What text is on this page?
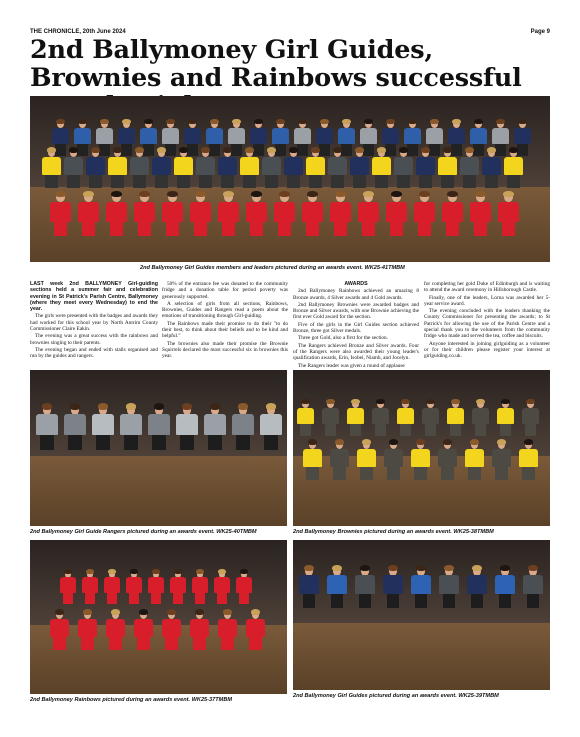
THE CHRONICLE, 20th June 2024	Page 9
2nd Ballymoney Girl Guides, Brownies and Rainbows successful
2nd Ballymoney Girl Guides members and leaders pictured during an awards event. WK25-41TMBM

LAST week 2nd BALLYMONEY Girl-guiding sections held a summer fair and celebration evening in St Patrick's Parish Centre, Ballymoney (where they meet every Wednesday) to end the year.

The girls were presented with the badges and awards they had worked for this school year by North Antrim County Commissioner Claire Eakin.

The evening was a great success with the rainbows and brownies singing to their parents.

The evening began and ended with stalls organised and run by the guides and rangers.

50% of the entrance fee was donated to the community fridge and a donation table for period poverty was generously supported.

A selection of girls from all sections, Rainbows, Brownies, Guides and Rangers read a poem about the emotions of transitioning through Girl-guiding.

The Rainbows made their promise to do their "to do their best, to think about their beliefs and to be kind and helpful."

The brownies also made their promise the Brownie Squirrels declared the most successful six in brownies this year.

AWARDS

2nd Ballymoney Rainbows achieved an amazing 8 Bronze awards, 4 Silver awards and 4 Gold awards.

2nd Ballymoney Brownies were awarded badges and Bronze and Silver awards, with one Brownie achieving the first ever Gold award for the section.

Five of the girls in the Girl Guides section achieved Bronze, three got Silver medals.

Three got Gold, also a first for the section.

The Rangers achieved Bronze and Silver awards. Four of the Rangers were also awarded their young leader's qualification awards, Erin, Isobel, Niamh, and Jocelyn.

The Rangers leader was given a round of applause

for completing her gold Duke of Edinburgh and is waiting to attend the award ceremony in Hillsborough Castle.

Finally, one of the leaders, Lorna was awarded her 5-year service award.

The evening concluded with the leaders thanking the County Commissioner for presenting the awards; to St Patrick's for allowing the use of the Parish Centre and a special thank you to the volunteers from the community fridge who made and served the tea, coffee and biscuits.

Anyone interested in joining girlguiding as a volunteer or for their children please register your interest at girlguiding.co.uk.

2nd Ballymoney Girl Guide Rangers pictured during an awards event. WK25-40TMBM	2nd Ballymoney Brownies pictured during an awards event. WK25-38TMBM
2nd Ballymoney Rainbows pictured during an awards event. WK25-37TMBM
2nd Ballymoney Girl Guides pictured during an awards event. WK25-39TMBM
